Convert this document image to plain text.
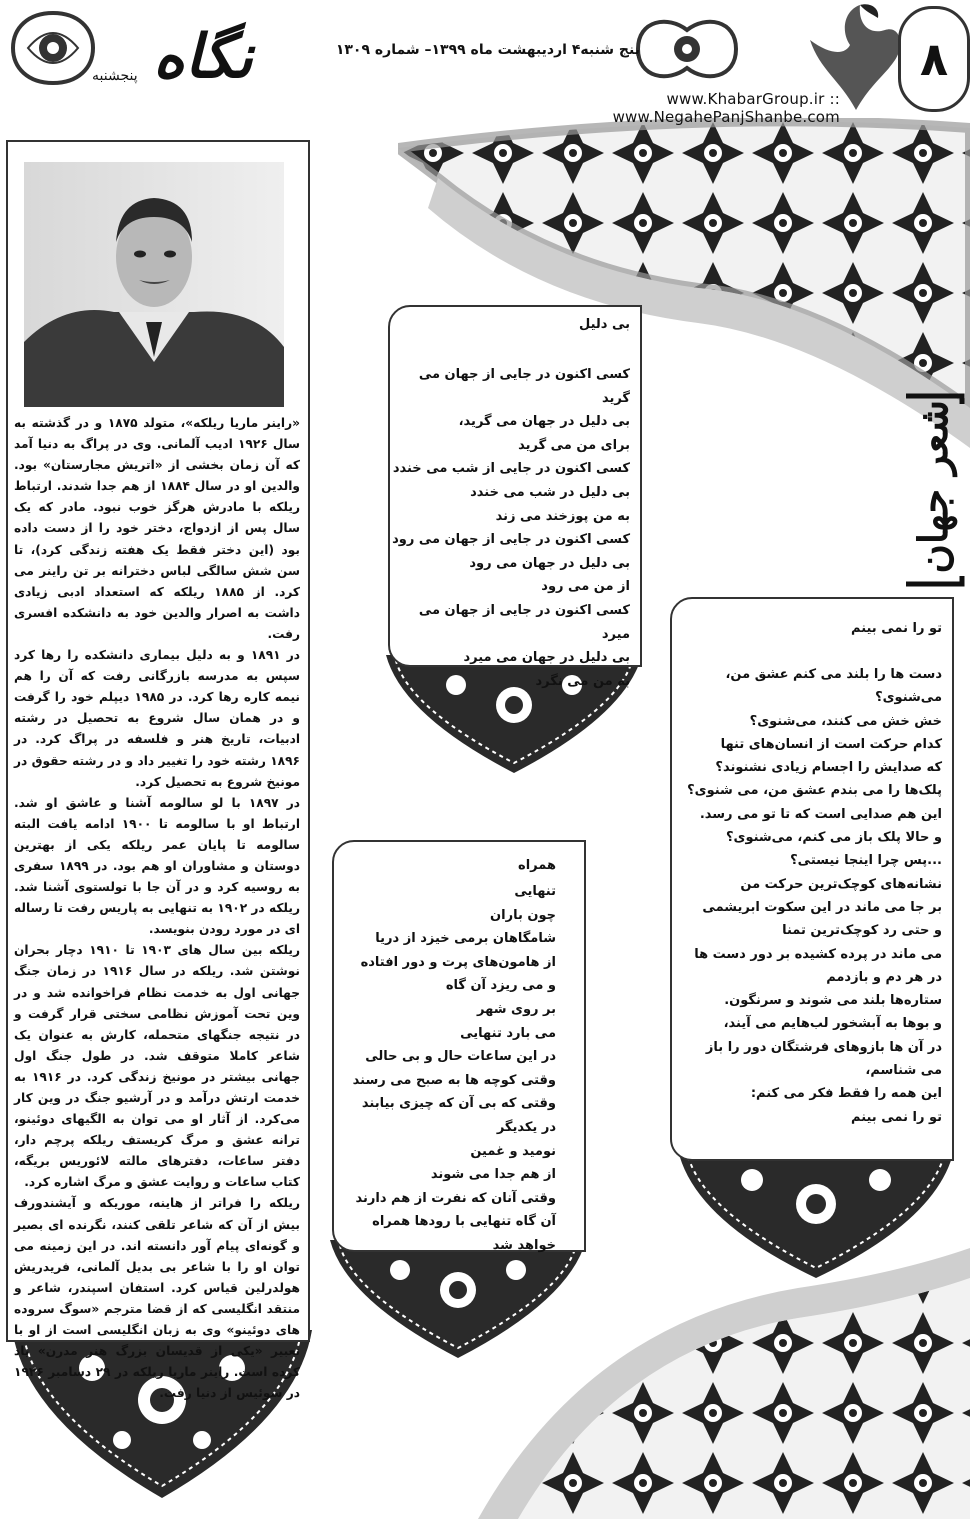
پنجشنبه نگاه	پنج شنبه۴ اردیبهشت ماه ۱۳۹۹– شماره ۱۳۰۹
www.KhabarGroup.ir :: www.NegahePanjShanbe.com
۸

«راینر ماریا ریلکه»، متولد ۱۸۷۵ و در گذشته به سال ۱۹۲۶ ادیب آلمانی. وی در پراگ به دنیا آمد که آن زمان بخشی از «اتریش مجارستان» بود. والدین او در سال ۱۸۸۴ از هم جدا شدند. ارتباط ریلکه با مادرش هرگز خوب نبود. مادر که یک سال پس از ازدواج، دختر خود را از دست داده بود (این دختر فقط یک هفته زندگی کرد)، تا سن شش سالگی لباس دخترانه بر تن راینر می کرد. از ۱۸۸۵ ریلکه که استعداد ادبی زیادی داشت به اصرار والدین خود به دانشکده افسری رفت.

در ۱۸۹۱ و به دلیل بیماری دانشکده را رها کرد سپس به مدرسه بازرگانی رفت که آن را هم نیمه کاره رها کرد. در ۱۹۸۵ دیپلم خود را گرفت و در همان سال شروع به تحصیل در رشته ادبیات، تاریخ هنر و فلسفه در پراگ کرد. در ۱۸۹۶ رشته خود را تغییر داد و در رشته حقوق در مونیخ شروع به تحصیل کرد.

در ۱۸۹۷ با لو سالومه آشنا و عاشق او شد. ارتباط او با سالومه تا ۱۹۰۰ ادامه یافت البته سالومه تا پایان عمر ریلکه یکی از بهترین دوستان و مشاوران او هم بود. در ۱۸۹۹ سفری به روسیه کرد و در آن جا با تولستوی آشنا شد. ریلکه در ۱۹۰۲ به تنهایی به پاریس رفت تا رساله ای در مورد رودن بنویسد.

ریلکه بین سال های ۱۹۰۳ تا ۱۹۱۰ دچار بحران نوشتن شد. ریلکه در سال ۱۹۱۶ در زمان جنگ جهانی اول به خدمت نظام فراخوانده شد و در وین تحت آموزش نظامی سختی قرار گرفت و در نتیجه جنگهای متحمله، کارش به عنوان یک شاعر کاملا متوقف شد. در طول جنگ اول جهانی بیشتر در مونیخ زندگی کرد. در ۱۹۱۶ به خدمت ارتش درآمد و در آرشیو جنگ در وین کار می‌کرد. از آثار او می توان به الگیهای دوئینو، ترانه عشق و مرگ کریستف ریلکه پرچم دار، دفتر ساعات، دفترهای مالته لائوریس بریگه، کتاب ساعات و روایت عشق و مرگ اشاره کرد.

ریلکه را فراتر از هاینه، موریکه و آیشندورف بیش از آن که شاعر تلقی کنند، نگرنده ای بصیر و گونه‌ای پیام آور دانسته اند. در این زمینه می توان او را با شاعر بی بدیل آلمانی، فریدریش هولدرلین قیاس کرد. استفان اسپندر، شاعر و منتقد انگلیسی که از قضا مترجم «سوگ سروده های دوئینو» وی به زبان انگلیسی است از او با تعبیر «یکی از قدیسان بزرگ هنر مدرن» یاد کرده است. راینر ماریا ریلکه در ۲۹ دسامبر ۱۹۲۶ در سوئیس از دنیا رفت.

شعر جهان
بی دلیل
کسی اکنون در جایی از جهان می گرید
بی دلیل در جهان می گرید،
برای من می گرید
کسی اکنون در جایی از شب می خندد
بی دلیل در شب می خندد
به من پوزخند می زند
کسی اکنون در جایی از جهان می رود
بی دلیل در جهان می رود
از من می رود
کسی اکنون در جایی از جهان می میرد
بی دلیل در جهان می میرد
به من می نگرد
همراه
تنهایی
چون باران
شامگاهان برمی خیزد از دریا
از هامون‌های پرت و دور افتاده
و می ریزد آن گاه
بر روی شهر
می بارد تنهایی
در این ساعات حال و بی حالی
وقتی کوچه ها به صبح می رسند
وقتی که بی آن که چیزی بیابند
در یکدیگر
نومید و غمین
از هم جدا می شوند
وقتی آنان که نفرت از هم دارند
آن گاه تنهایی با رودها همراه خواهد شد
تو را نمی بینم
دست ها را بلند می کنم عشق من،
می‌شنوی؟
خش خش می کنند، می‌شنوی؟
کدام حرکت است از انسان‌های تنها
که صدایش را اجسام زیادی نشنوند؟
پلک‌ها را می بندم عشق من، می شنوی؟
این هم صدایی است که تا تو می رسد.
و حالا پلک باز می کنم، می‌شنوی؟
...پس چرا اینجا نیستی؟
نشانه‌های کوچک‌ترین حرکت من
بر جا می ماند در این سکوت ابریشمی
و حتی رد کوچک‌ترین تمنا
می ماند در پرده کشیده بر دور دست ها
در هر دم و بازدمم
ستاره‌ها بلند می شوند و سرنگون.
و بوها به آبشخور لب‌هایم می آیند،
در آن ها بازوهای فرشتگان دور را باز
می شناسم،
این همه را فقط فکر می کنم:
تو را نمی بینم
